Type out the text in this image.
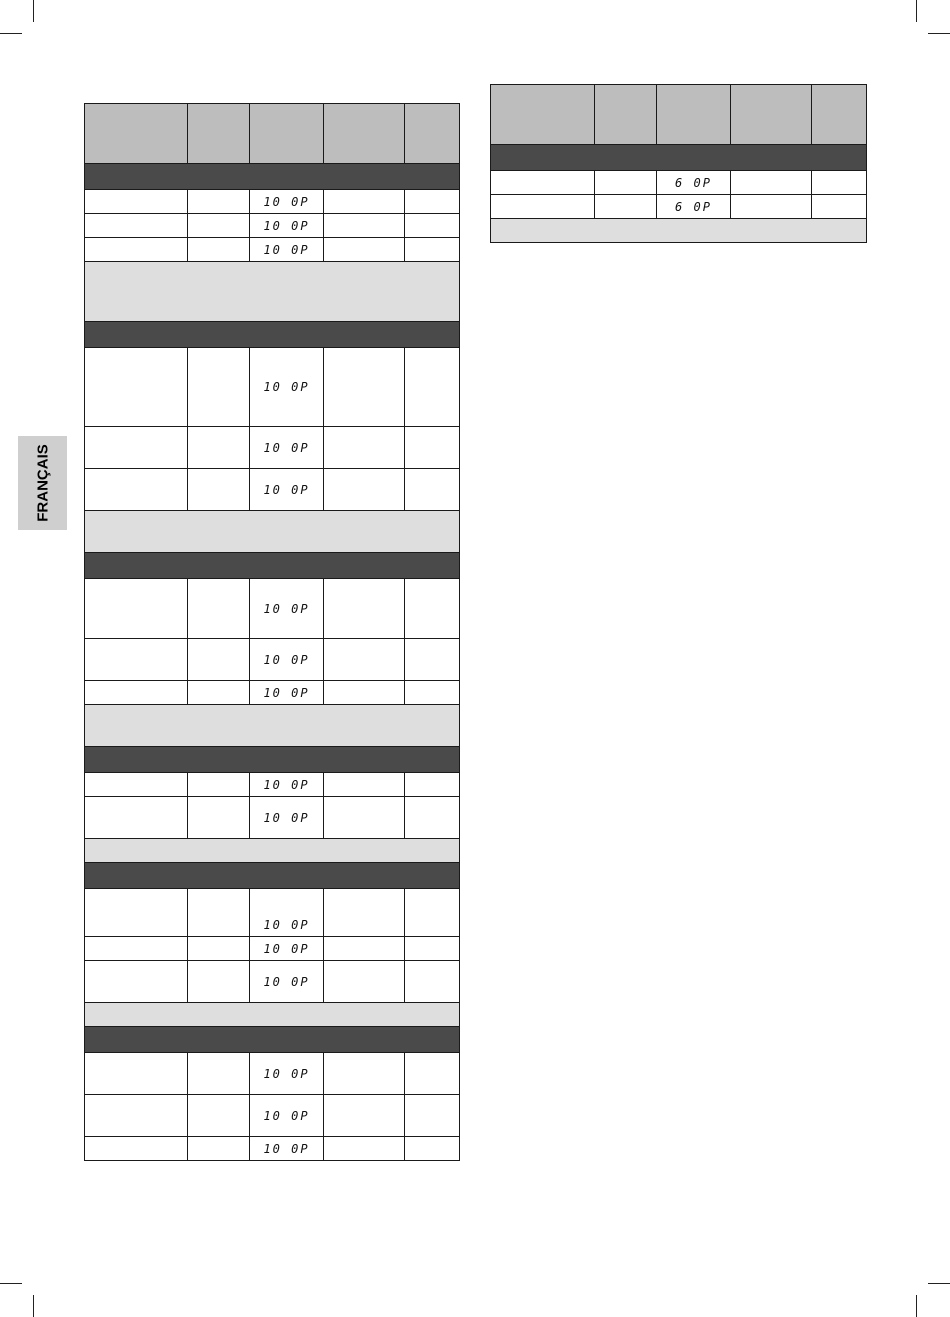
FRANÇAIS

		10 0P		
		10 0P		
		10 0P		

		10 0P		
		10 0P		
		10 0P		

		10 0P		
		10 0P		
		10 0P		

		10 0P		
		10 0P		

		10 0P		
		10 0P		
		10 0P		

		10 0P		
		10 0P		
		10 0P		

		6 0P		
		6 0P		
